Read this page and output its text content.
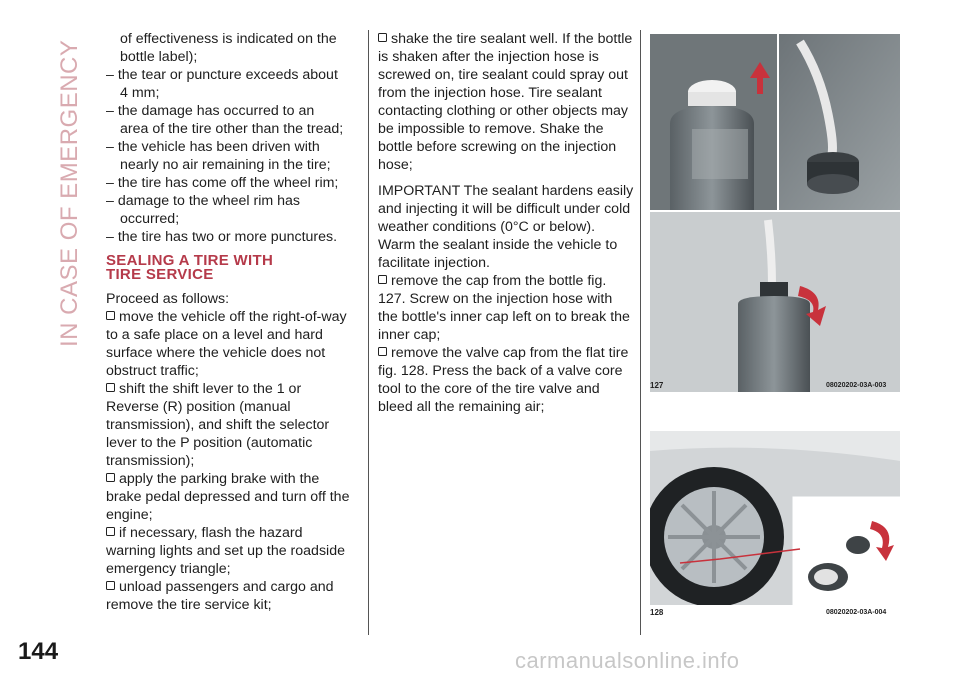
IN CASE OF EMERGENCY
of effectiveness is indicated on the bottle label);
– the tear or puncture exceeds about
4 mm;
– the damage has occurred to an
area of the tire other than the tread;
– the vehicle has been driven with
nearly no air remaining in the tire;
– the tire has come off the wheel rim;
– damage to the wheel rim has
occurred;
– the tire has two or more punctures.
SEALING A TIRE WITH
TIRE SERVICE
Proceed as follows:
move the vehicle off the right-of-way to a safe place on a level and hard surface where the vehicle does not obstruct traffic;
shift the shift lever to the 1 or Reverse (R) position (manual transmission), and shift the selector lever to the P position (automatic transmission);
apply the parking brake with the brake pedal depressed and turn off the engine;
if necessary, flash the hazard warning lights and set up the roadside emergency triangle;
unload passengers and cargo and remove the tire service kit;
shake the tire sealant well. If the bottle is shaken after the injection hose is screwed on, tire sealant could spray out from the injection hose. Tire sealant contacting clothing or other objects may be impossible to remove. Shake the bottle before screwing on the injection hose;
IMPORTANT The sealant hardens easily and injecting it will be difficult under cold weather conditions (0°C or below). Warm the sealant inside the vehicle to facilitate injection.
remove the cap from the bottle fig. 127. Screw on the injection hose with the bottle's inner cap left on to break the inner cap;
remove the valve cap from the flat tire fig. 128. Press the back of a valve core tool to the core of the tire valve and bleed all the remaining air;
127	08020202-03A-003
128	08020202-03A-004
144	carmanualsonline.info
